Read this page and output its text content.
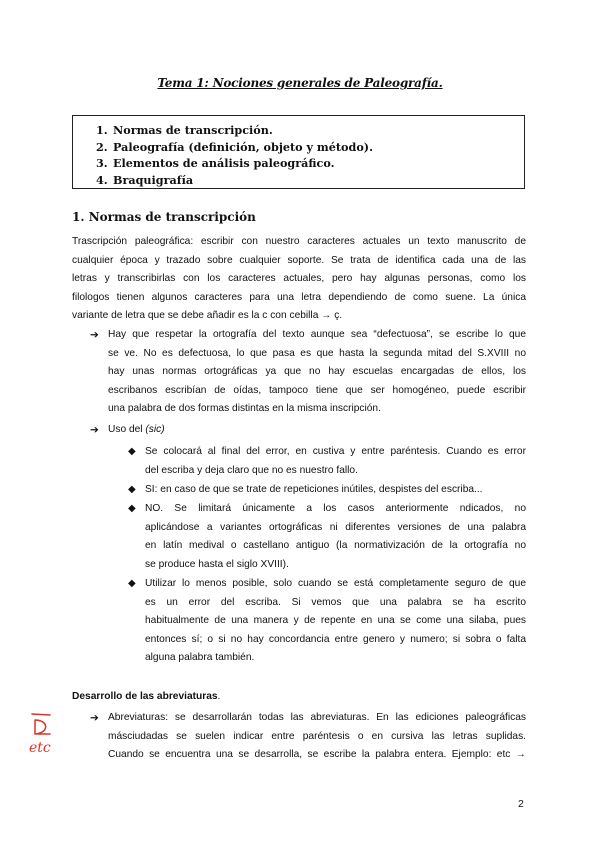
Tema 1: Nociones generales de Paleografía.
1. Normas de transcripción.
2. Paleografía (definición, objeto y método).
3. Elementos de análisis paleográfico.
4. Braquigrafía
1. Normas de transcripción
Trascripción paleográfica: escribir con nuestro caracteres actuales un texto manuscrito de
cualquier época y trazado sobre cualquier soporte. Se trata de identifica cada una de las
letras y transcribirlas con los caracteres actuales, pero hay algunas personas, como los
filologos tienen algunos caracteres para una letra dependiendo de como suene. La única
variante de letra que se debe añadir es la c con cebilla → ç.
➔ Hay que respetar la ortografía del texto aunque sea “defectuosa”, se escribe lo que
se ve. No es defectuosa, lo que pasa es que hasta la segunda mitad del S.XVIII no
hay unas normas ortográficas ya que no hay escuelas encargadas de ellos, los
escribanos escribían de oídas, tampoco tiene que ser homogéneo, puede escribir
una palabra de dos formas distintas en la misma inscripción.
➔ Uso del (sic)
◆ Se colocará al final del error, en custiva y entre paréntesis. Cuando es error
del escriba y deja claro que no es nuestro fallo.
◆ SI: en caso de que se trate de repeticiones inútiles, despistes del escriba...
◆ NO. Se limitará únicamente a los casos anteriormente ndicados, no
aplicándose a variantes ortográficas ni diferentes versiones de una palabra
en latín medival o castellano antiguo (la normativización de la ortografía no
se produce hasta el siglo XVIII).
◆ Utilizar lo menos posible, solo cuando se está completamente seguro de que
es un error del escriba. Si vemos que una palabra se ha escrito
habitualmente de una manera y de repente en una se come una silaba, pues
entonces sí; o si no hay concordancia entre genero y numero; si sobra o falta
alguna palabra también.
Desarrollo de las abreviaturas.
etc
➔ Abreviaturas: se desarrollarán todas las abreviaturas. En las ediciones paleográficas
másciudadas se suelen indicar entre paréntesis o en cursiva las letras suplidas.
Cuando se encuentra una se desarrolla, se escribe la palabra entera. Ejemplo: etc →
2
